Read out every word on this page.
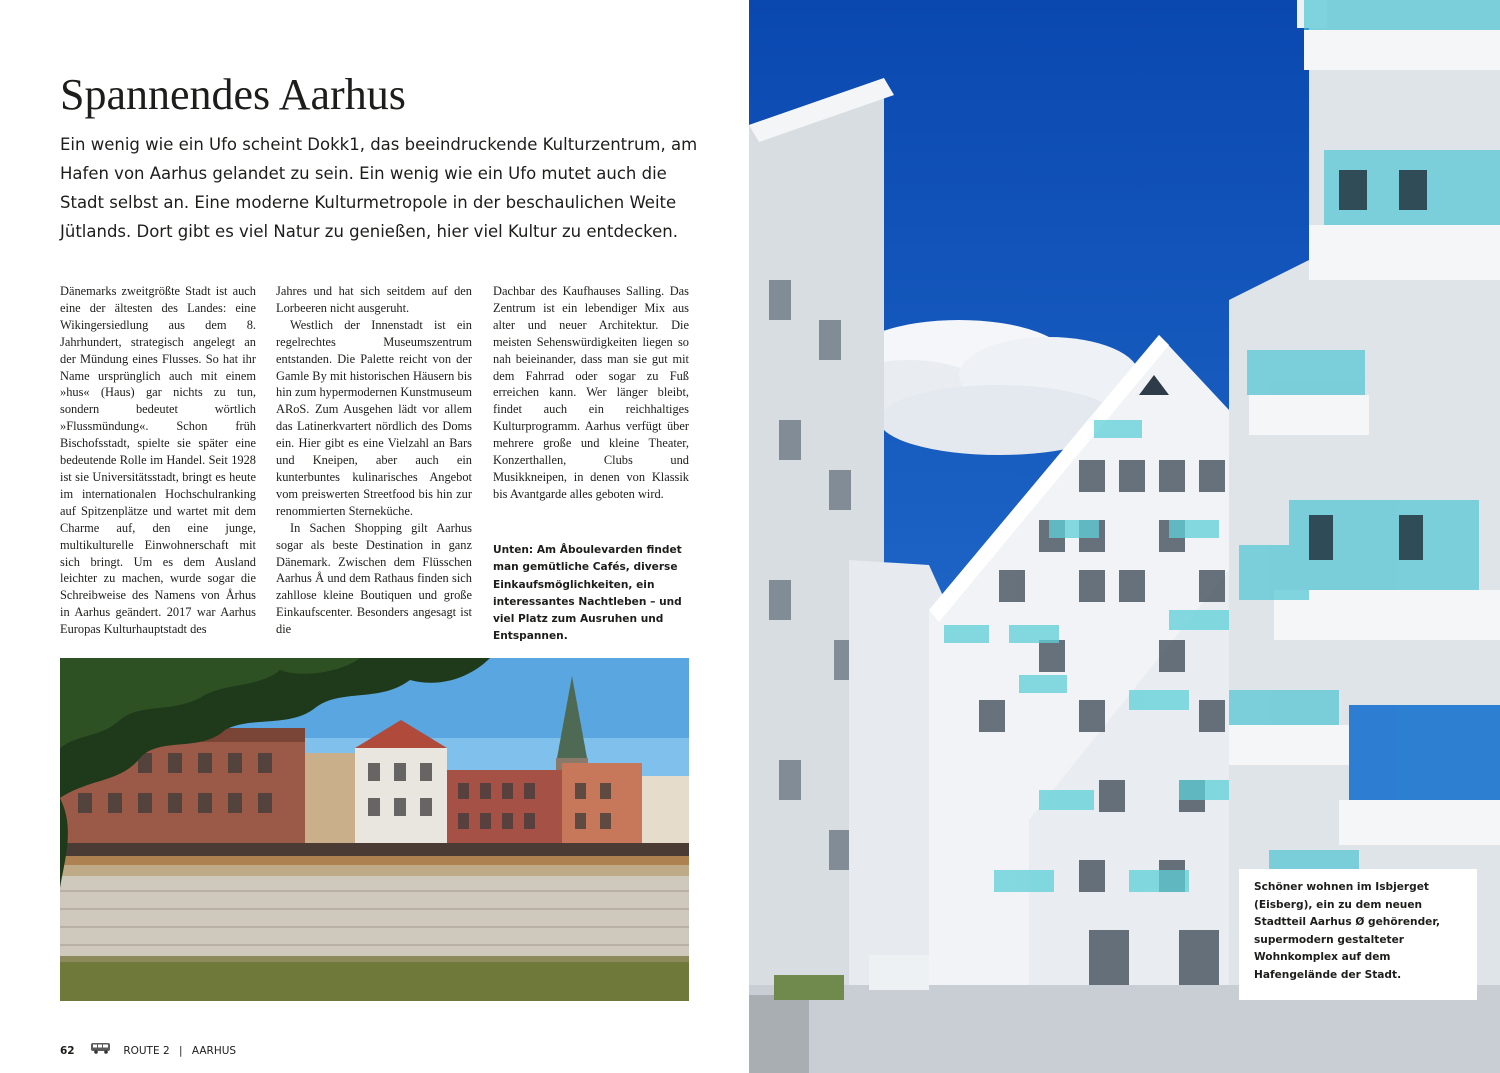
Spannendes Aarhus

Ein wenig wie ein Ufo scheint Dokk1, das beeindruckende Kulturzentrum, am Hafen von Aarhus gelandet zu sein. Ein wenig wie ein Ufo mutet auch die Stadt selbst an. Eine moderne Kulturmetropole in der beschaulichen Weite Jütlands. Dort gibt es viel Natur zu genießen, hier viel Kultur zu entdecken.

Dänemarks zweitgrößte Stadt ist auch eine der ältesten des Landes: eine Wikingersiedlung aus dem 8. Jahrhundert, strategisch angelegt an der Mündung eines Flusses. So hat ihr Name ursprünglich auch mit einem »hus« (Haus) gar nichts zu tun, sondern bedeutet wörtlich »Flussmündung«. Schon früh Bischofsstadt, spielte sie später eine bedeutende Rolle im Handel. Seit 1928 ist sie Universitätsstadt, bringt es heute im internationalen Hochschulranking auf Spitzenplätze und wartet mit dem Charme auf, den eine junge, multikulturelle Einwohnerschaft mit sich bringt. Um es dem Ausland leichter zu machen, wurde sogar die Schreibweise des Namens von Århus in Aarhus geändert. 2017 war Aarhus Europas Kulturhauptstadt des

Jahres und hat sich seitdem auf den Lorbeeren nicht ausgeruht.

Westlich der Innenstadt ist ein regelrechtes Museumszentrum entstanden. Die Palette reicht von der Gamle By mit historischen Häusern bis hin zum hypermodernen Kunstmuseum ARoS. Zum Ausgehen lädt vor allem das Latinerkvartert nördlich des Doms ein. Hier gibt es eine Vielzahl an Bars und Kneipen, aber auch ein kunterbuntes kulinarisches Angebot vom preiswerten Streetfood bis hin zur renommierten Sterneküche.

In Sachen Shopping gilt Aarhus sogar als beste Destination in ganz Dänemark. Zwischen dem Flüsschen Aarhus Å und dem Rathaus finden sich zahllose kleine Boutiquen und große Einkaufscenter. Besonders angesagt ist die

Dachbar des Kaufhauses Salling. Das Zentrum ist ein lebendiger Mix aus alter und neuer Architektur. Die meisten Sehenswürdigkeiten liegen so nah beieinander, dass man sie gut mit dem Fahrrad oder sogar zu Fuß erreichen kann. Wer länger bleibt, findet auch ein reichhaltiges Kulturprogramm. Aarhus verfügt über mehrere große und kleine Theater, Konzerthallen, Clubs und Musikkneipen, in denen von Klassik bis Avantgarde alles geboten wird.

Unten: Am Åboulevarden findet man gemütliche Cafés, diverse Einkaufsmöglichkeiten, ein interessantes Nachtleben – und viel Platz zum Ausruhen und Entspannen.

62	ROUTE 2 | AARHUS

Schöner wohnen im Isbjerget (Eisberg), ein zu dem neuen Stadtteil Aarhus Ø gehörender, supermodern gestalteter Wohnkomplex auf dem Hafengelände der Stadt.
